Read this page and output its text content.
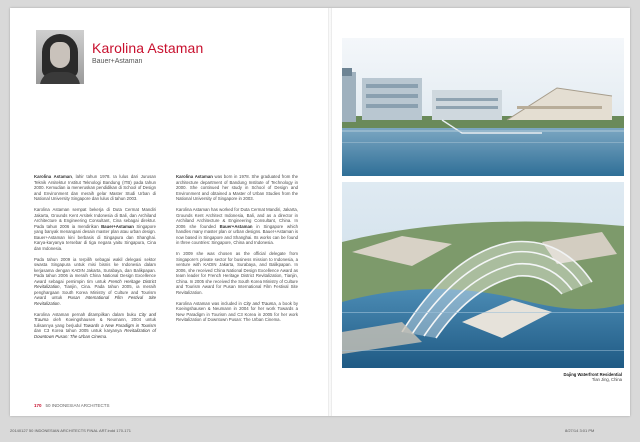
Karolina Astaman
Bauer+Astaman

Karolina Astaman, lahir tahun 1978. Ia lulus dari Jurusan Teknik Arsitektur Institut Teknologi Bandung (ITB) pada tahun 2000. Kemudian ia meneruskan pendidikan di School of Design and Environment dan meraih gelar Master Studi Urban di National University Singapore dan lulus di tahun 2003.

Karolina Astaman sempat bekerja di Duta Cermat Mandiri Jakarta, Grounds Kent Arsitek Indonesia di Bali, dan Archiland Architecture & Engineering Consultant, Cina sebagai direktur. Pada tahun 2006 ia mendirikan Bauer+Astaman Singapore yang banyak menangani desain master plan atau urban design. Bauer+Astaman kini berbasis di Singapura dan Shanghai. Karya-karyanya tersebar di tiga negara yaitu Singapura, Cina dan Indonesia.

Pada tahun 2009 ia terpilih sebagai wakil delegasi sektor swasta Singapura untuk misi bisnis ke Indonesia dalam kerjasama dengan KADIN Jakarta, Surabaya, dan Balikpapan. Pada tahun 2006 ia meraih China National Design Excellence Award sebagai pemimpin tim untuk French Heritage District Revitalization, Tianjin, Cina. Pada tahun 2005, ia meraih penghargaan South Korea Ministry of Culture and Tourism Award untuk Pusan International Film Festival Site Revitalization.

Karolina Astaman pernah ditampilkan dalam buku City and Trauma oleh Koeingshausen & Neumann, 2004 untuk tulisannya yang berjudul Towards a New Paradigm in Tourism dan C3 Korea tahun 2005 untuk karyanya Revitalization of Downtown Pusan: The Urban Cinema.

Karolina Astaman was born in 1978. She graduated from the architecture department of Bandung Institute of Technology in 2000. She continued her study in School of Design and Environment and obtained a Master of Urban Studies from the National University of Singapore in 2003.

Karolina Astaman has worked for Duta Cermat Mandiri, Jakarta, Grounds Kent Architect Indonesia, Bali, and as a director in Archiland Architecture & Engineering Consultant, China. In 2006 she founded Bauer+Astaman in Singapore which handles many master plan or urban designs. Bauer+Astaman is now based in Singapore and Shanghai. Its works can be found in three countries: Singapore, China and Indonesia.

In 2009 she was chosen as the official delegate from Singapore's private sector for business mission to Indonesia, a venture with KADIN Jakarta, Surabaya, and Balikpapan. In 2006, she received China National Design Excellence Award as team leader for French Heritage District Revitalization, Tianjin, China. In 2005 she received the South Korea Ministry of Culture and Tourism Award for Pusan International Film Festival Site Revitalization.

Karolina Astaman was included in City and Trauma, a book by Koeingshausen & Neumann in 2004 for her work Towards a New Paradigm in Tourism and C3 Korea in 2005 for her work Revitalization of Downtown Pusan: The Urban Cinema.

170 50 INDONESIAN ARCHITECTS
Dajing Waterfront Residential
Tian Jing, China
20140127 50 INDONESIAN ARCHITECTS FINAL ART.indd 170-171	8/27/14 3:01 PM
